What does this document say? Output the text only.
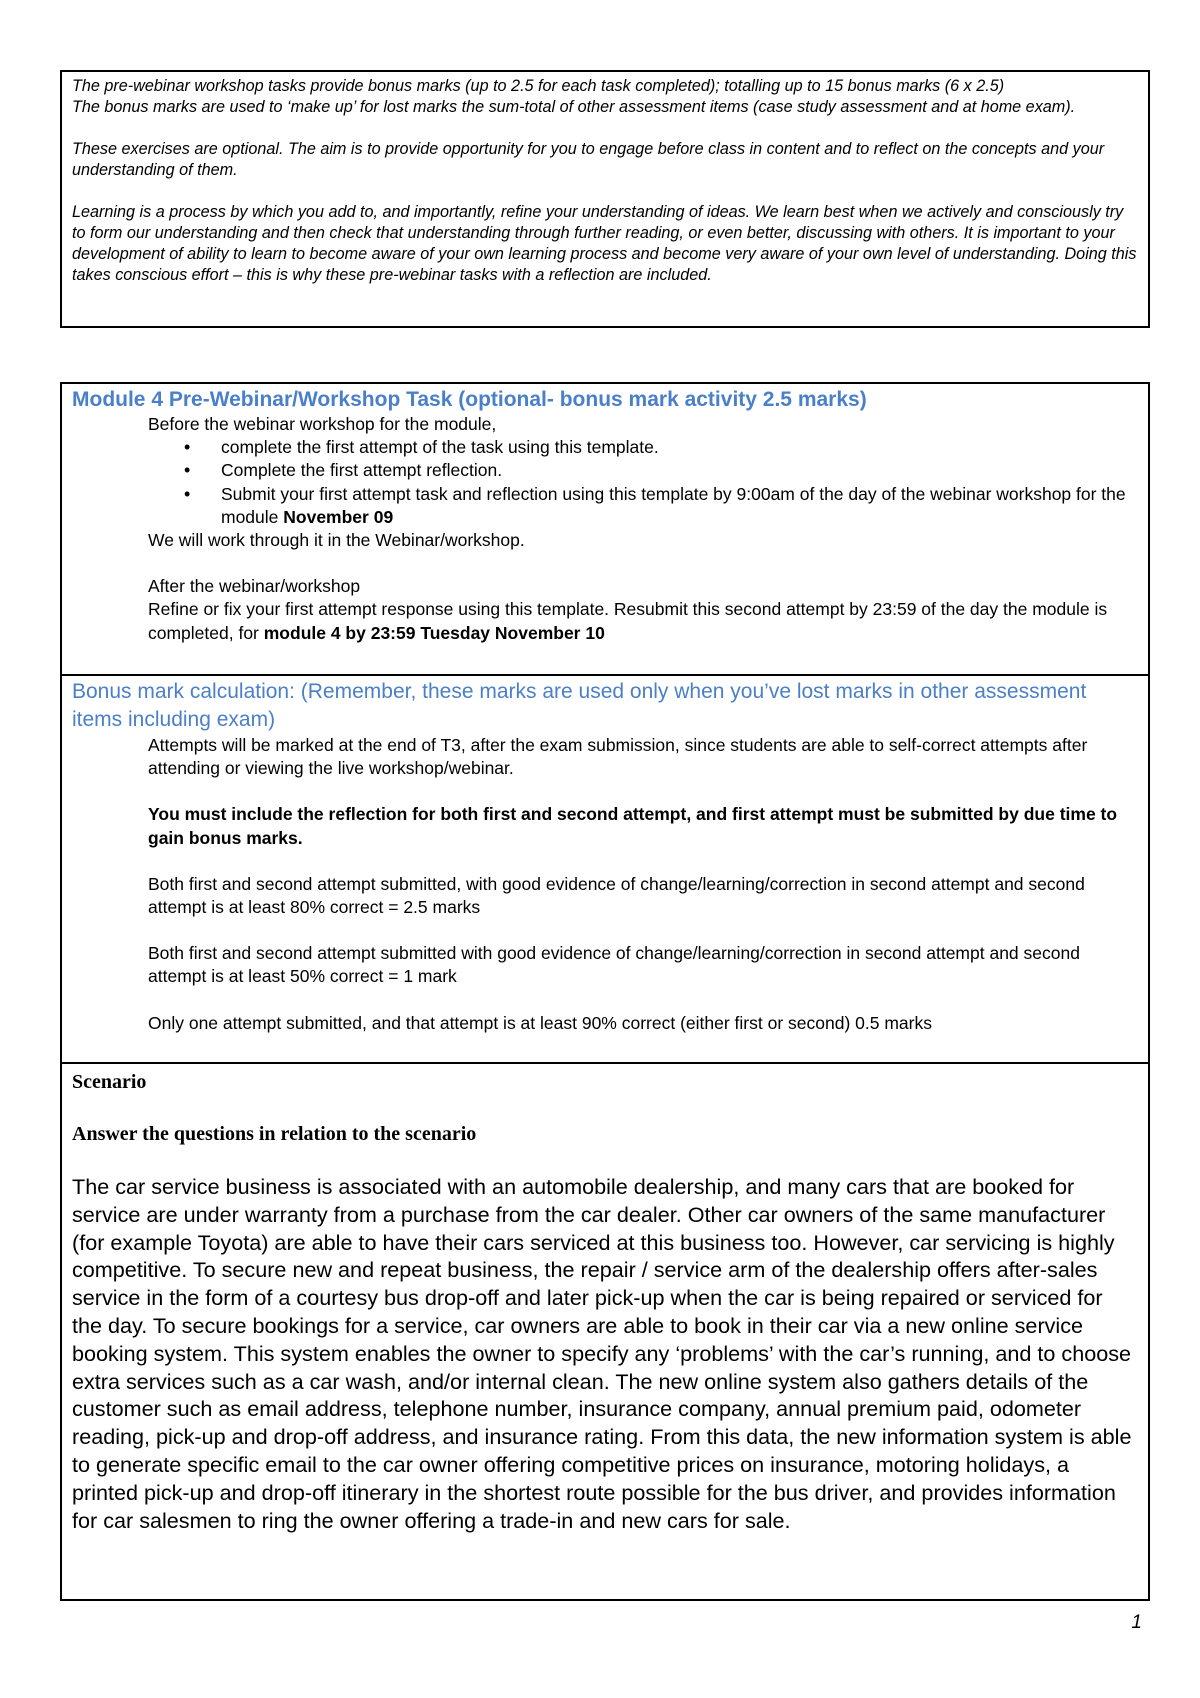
The pre-webinar workshop tasks provide bonus marks (up to 2.5 for each task completed); totalling up to 15 bonus marks (6 x 2.5)
The bonus marks are used to ‘make up’ for lost marks the sum-total of other assessment items (case study assessment and at home exam).

These exercises are optional. The aim is to provide opportunity for you to engage before class in content and to reflect on the concepts and your understanding of them.

Learning is a process by which you add to, and importantly, refine your understanding of ideas. We learn best when we actively and consciously try to form our understanding and then check that understanding through further reading, or even better, discussing with others. It is important to your development of ability to learn to become aware of your own learning process and become very aware of your own level of understanding. Doing this takes conscious effort – this is why these pre-webinar tasks with a reflection are included.

Module 4 Pre-Webinar/Workshop Task (optional- bonus mark activity 2.5 marks)

Before the webinar workshop for the module,

• complete the first attempt of the task using this template.
• Complete the first attempt reflection.
• Submit your first attempt task and reflection using this template by 9:00am of the day of the webinar workshop for the module November 09

We will work through it in the Webinar/workshop.

After the webinar/workshop

Refine or fix your first attempt response using this template. Resubmit this second attempt by 23:59 of the day the module is completed, for module 4 by 23:59 Tuesday November 10

Bonus mark calculation: (Remember, these marks are used only when you’ve lost marks in other assessment items including exam)

Attempts will be marked at the end of T3, after the exam submission, since students are able to self-correct attempts after attending or viewing the live workshop/webinar.

You must include the reflection for both first and second attempt, and first attempt must be submitted by due time to gain bonus marks.

Both first and second attempt submitted, with good evidence of change/learning/correction in second attempt and second attempt is at least 80% correct = 2.5 marks

Both first and second attempt submitted with good evidence of change/learning/correction in second attempt and second attempt is at least 50% correct = 1 mark

Only one attempt submitted, and that attempt is at least 90% correct (either first or second) 0.5 marks

Scenario

Answer the questions in relation to the scenario

The car service business is associated with an automobile dealership, and many cars that are booked for service are under warranty from a purchase from the car dealer. Other car owners of the same manufacturer (for example Toyota) are able to have their cars serviced at this business too. However, car servicing is highly competitive. To secure new and repeat business, the repair / service arm of the dealership offers after-sales service in the form of a courtesy bus drop-off and later pick-up when the car is being repaired or serviced for the day. To secure bookings for a service, car owners are able to book in their car via a new online service booking system. This system enables the owner to specify any ‘problems’ with the car’s running, and to choose extra services such as a car wash, and/or internal clean. The new online system also gathers details of the customer such as email address, telephone number, insurance company, annual premium paid, odometer reading, pick-up and drop-off address, and insurance rating. From this data, the new information system is able to generate specific email to the car owner offering competitive prices on insurance, motoring holidays, a printed pick-up and drop-off itinerary in the shortest route possible for the bus driver, and provides information for car salesmen to ring the owner offering a trade-in and new cars for sale.

1
